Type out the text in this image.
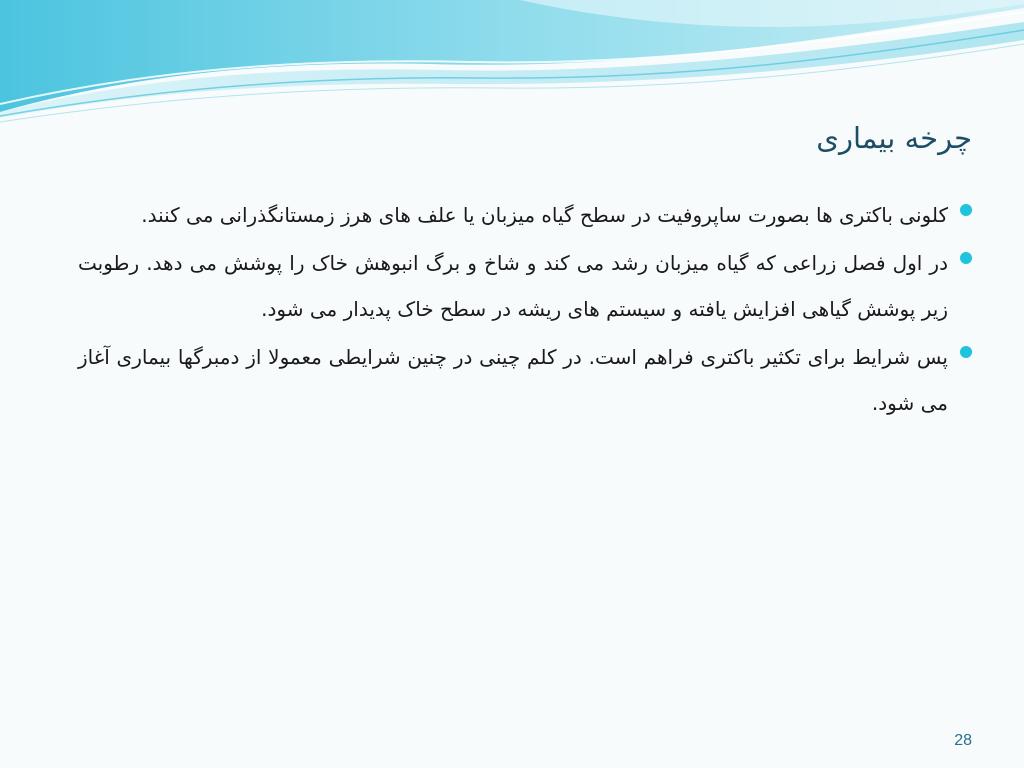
چرخه بیماری
کلونی باکتری ها بصورت ساپروفیت در سطح گیاه میزبان یا علف های هرز زمستانگذرانی می کنند.
در اول فصل زراعی که گیاه میزبان رشد می کند و شاخ و برگ انبوهش خاک را پوشش می دهد. رطوبت زیر پوشش گیاهی افزایش یافته و سیستم های ریشه در سطح خاک پدیدار می شود.
پس شرایط برای تکثیر باکتری فراهم است. در کلم چینی در چنین شرایطی معمولا از دمبرگها بیماری آغاز می شود.
28
